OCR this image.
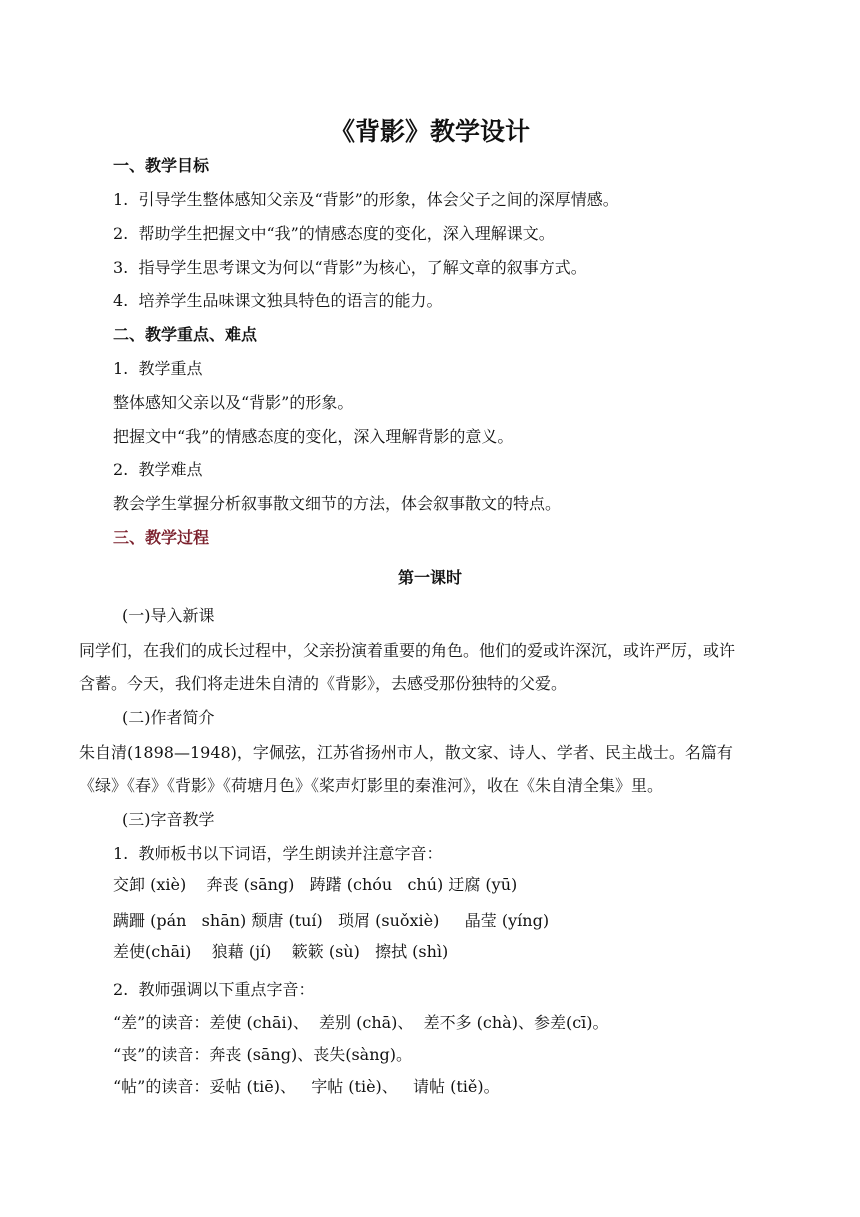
《背影》教学设计
一、教学目标
1.  引导学生整体感知父亲及“背影”的形象，体会父子之间的深厚情感。
2.  帮助学生把握文中“我”的情感态度的变化，深入理解课文。
3.  指导学生思考课文为何以“背影”为核心，了解文章的叙事方式。
4.  培养学生品味课文独具特色的语言的能力。
二、教学重点、难点
1.  教学重点
整体感知父亲以及“背影”的形象。
把握文中“我”的情感态度的变化，深入理解背影的意义。
2.  教学难点
教会学生掌握分析叙事散文细节的方法，体会叙事散文的特点。
三、教学过程
第一课时
(一)导入新课
同学们，在我们的成长过程中，父亲扮演着重要的角色。他们的爱或许深沉，或许严厉，或许
含蓄。今天，我们将走进朱自清的《背影》，去感受那份独特的父爱。
(二)作者简介
朱自清(1898—1948)，字佩弦，江苏省扬州市人，散文家、诗人、学者、民主战士。名篇有
《绿》《春》《背影》《荷塘月色》《桨声灯影里的秦淮河》，收在《朱自清全集》里。
(三)字音教学
1.  教师板书以下词语，学生朗读并注意字音：
交卸 (xiè)    奔丧 (sāng)   踌躇 (chóu   chú) 迂腐 (yū)
蹒跚 (pán   shān) 颓唐 (tuí)   琐屑 (suǒxiè)     晶莹 (yíng)
差使(chāi)    狼藉 (jí)    簌簌 (sù)   擦拭 (shì)
2.  教师强调以下重点字音：
“差”的读音：差使 (chāi)、  差别 (chā)、  差不多 (chà)、参差(cī)。
“丧”的读音：奔丧 (sāng)、丧失(sàng)。
“帖”的读音：妥帖 (tiē)、   字帖 (tiè)、   请帖 (tiě)。
